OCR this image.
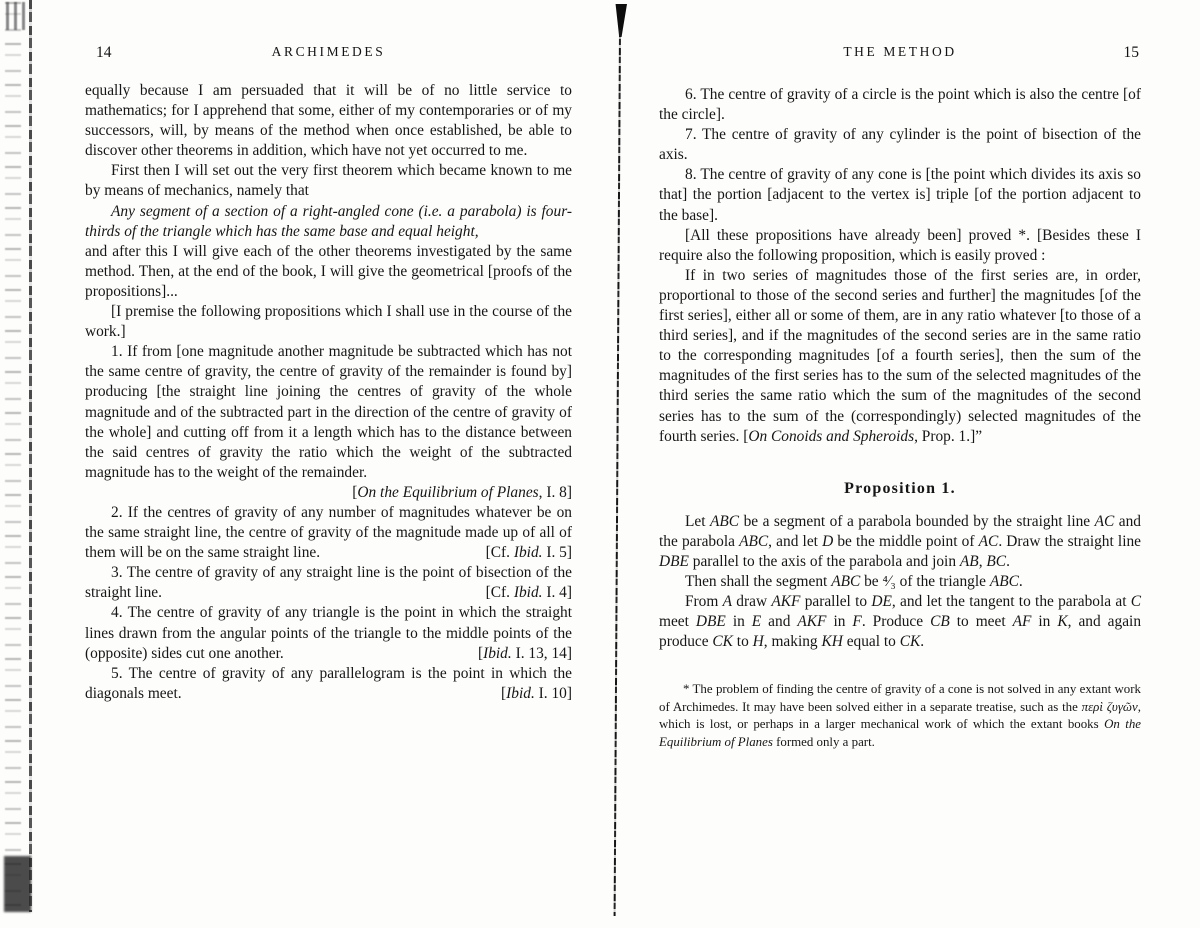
14	ARCHIMEDES

equally because I am persuaded that it will be of no little service to mathematics; for I apprehend that some, either of my contemporaries or of my successors, will, by means of the method when once established, be able to discover other theorems in addition, which have not yet occurred to me.

First then I will set out the very first theorem which became known to me by means of mechanics, namely that

Any segment of a section of a right-angled cone (i.e. a parabola) is four-thirds of the triangle which has the same base and equal height,

and after this I will give each of the other theorems investigated by the same method. Then, at the end of the book, I will give the geometrical [proofs of the propositions]...

[I premise the following propositions which I shall use in the course of the work.]

1. If from [one magnitude another magnitude be subtracted which has not the same centre of gravity, the centre of gravity of the remainder is found by] producing [the straight line joining the centres of gravity of the whole magnitude and of the subtracted part in the direction of the centre of gravity of the whole] and cutting off from it a length which has to the distance between the said centres of gravity the ratio which the weight of the subtracted magnitude has to the weight of the remainder.
[On the Equilibrium of Planes, I. 8]

2. If the centres of gravity of any number of magnitudes whatever be on the same straight line, the centre of gravity of the magnitude made up of all of them will be on the same straight line.	[Cf. Ibid. I. 5]

3. The centre of gravity of any straight line is the point of bisection of the straight line.	[Cf. Ibid. I. 4]

4. The centre of gravity of any triangle is the point in which the straight lines drawn from the angular points of the triangle to the middle points of the (opposite) sides cut one another.	[Ibid. I. 13, 14]

5. The centre of gravity of any parallelogram is the point in which the diagonals meet.	[Ibid. I. 10]

THE METHOD	15

6. The centre of gravity of a circle is the point which is also the centre [of the circle].

7. The centre of gravity of any cylinder is the point of bisection of the axis.

8. The centre of gravity of any cone is [the point which divides its axis so that] the portion [adjacent to the vertex is] triple [of the portion adjacent to the base].

[All these propositions have already been] proved *. [Besides these I require also the following proposition, which is easily proved :

If in two series of magnitudes those of the first series are, in order, proportional to those of the second series and further] the magnitudes [of the first series], either all or some of them, are in any ratio whatever [to those of a third series], and if the magnitudes of the second series are in the same ratio to the corresponding magnitudes [of a fourth series], then the sum of the magnitudes of the first series has to the sum of the selected magnitudes of the third series the same ratio which the sum of the magnitudes of the second series has to the sum of the (correspondingly) selected magnitudes of the fourth series. [On Conoids and Spheroids, Prop. 1.]”

Proposition 1.

Let ABC be a segment of a parabola bounded by the straight line AC and the parabola ABC, and let D be the middle point of AC. Draw the straight line DBE parallel to the axis of the parabola and join AB, BC.

Then shall the segment ABC be ⁴⁄₃ of the triangle ABC.

From A draw AKF parallel to DE, and let the tangent to the parabola at C meet DBE in E and AKF in F. Produce CB to meet AF in K, and again produce CK to H, making KH equal to CK.

* The problem of finding the centre of gravity of a cone is not solved in any extant work of Archimedes. It may have been solved either in a separate treatise, such as the περὶ ζυγῶν, which is lost, or perhaps in a larger mechanical work of which the extant books On the Equilibrium of Planes formed only a part.
